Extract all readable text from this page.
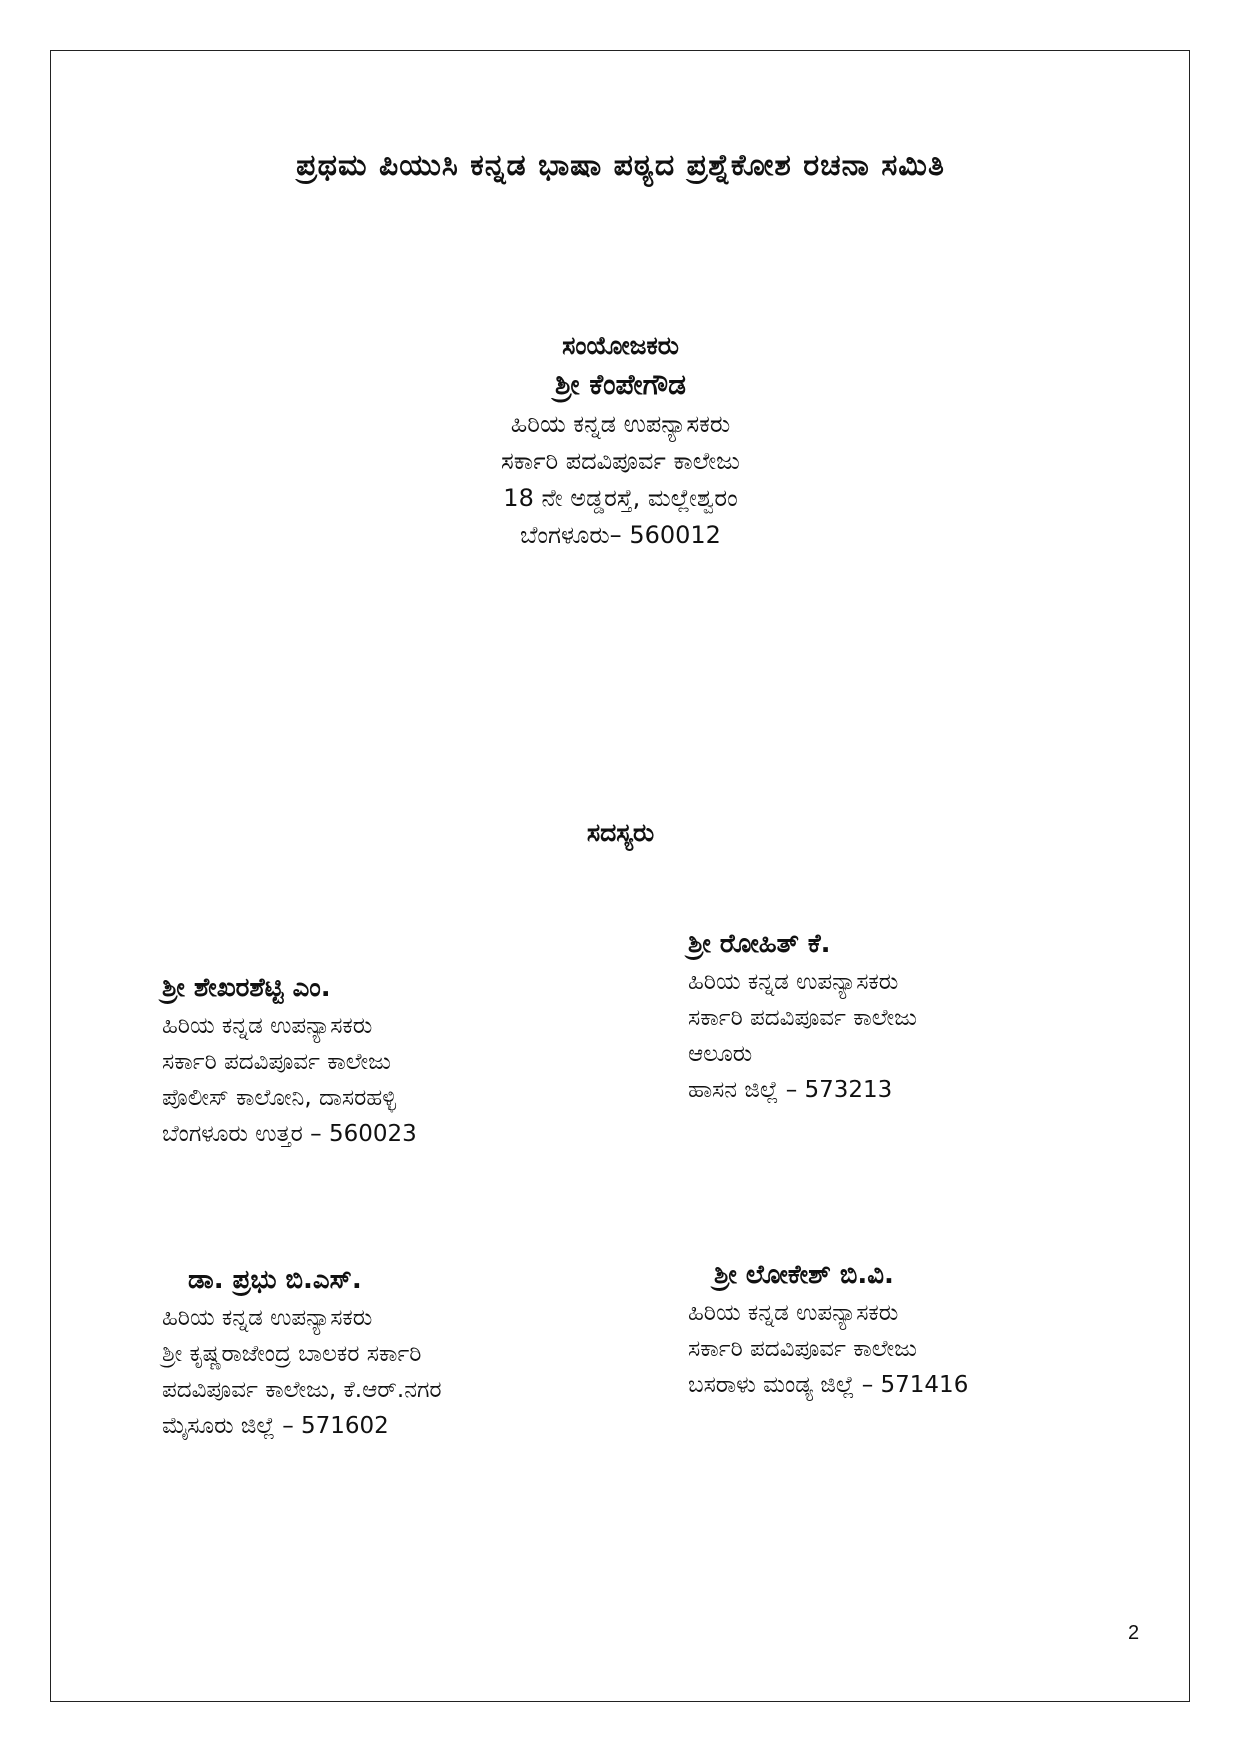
ಪ್ರಥಮ ಪಿಯುಸಿ ಕನ್ನಡ ಭಾಷಾ ಪಠ್ಯದ ಪ್ರಶ್ನೆಕೋಶ ರಚನಾ ಸಮಿತಿ
ಸಂಯೋಜಕರು
ಶ್ರೀ ಕೆಂಪೇಗೌಡ
ಹಿರಿಯ ಕನ್ನಡ ಉಪನ್ಯಾಸಕರು
ಸರ್ಕಾರಿ ಪದವಿಪೂರ್ವ ಕಾಲೇಜು
18 ನೇ ಅಡ್ಡರಸ್ತೆ, ಮಲ್ಲೇಶ್ವರಂ
ಬೆಂಗಳೂರು– 560012
ಸದಸ್ಯರು
ಶ್ರೀ ಶೇಖರಶೆಟ್ಟಿ ಎಂ.
ಹಿರಿಯ ಕನ್ನಡ ಉಪನ್ಯಾಸಕರು
ಸರ್ಕಾರಿ ಪದವಿಪೂರ್ವ ಕಾಲೇಜು
ಪೊಲೀಸ್ ಕಾಲೋನಿ, ದಾಸರಹಳ್ಳಿ
ಬೆಂಗಳೂರು ಉತ್ತರ – 560023
ಶ್ರೀ ರೋಹಿತ್ ಕೆ.
ಹಿರಿಯ ಕನ್ನಡ ಉಪನ್ಯಾಸಕರು
ಸರ್ಕಾರಿ ಪದವಿಪೂರ್ವ ಕಾಲೇಜು
ಆಲೂರು
ಹಾಸನ ಜಿಲ್ಲೆ – 573213
ಡಾ. ಪ್ರಭು ಬಿ.ಎಸ್.
ಹಿರಿಯ ಕನ್ನಡ ಉಪನ್ಯಾಸಕರು
ಶ್ರೀ ಕೃಷ್ಣರಾಜೇಂದ್ರ ಬಾಲಕರ ಸರ್ಕಾರಿ
ಪದವಿಪೂರ್ವ ಕಾಲೇಜು, ಕೆ.ಆರ್.ನಗರ
ಮೈಸೂರು ಜಿಲ್ಲೆ – 571602
ಶ್ರೀ ಲೋಕೇಶ್ ಬಿ.ವಿ.
ಹಿರಿಯ ಕನ್ನಡ ಉಪನ್ಯಾಸಕರು
ಸರ್ಕಾರಿ ಪದವಿಪೂರ್ವ ಕಾಲೇಜು
ಬಸರಾಳು ಮಂಡ್ಯ ಜಿಲ್ಲೆ – 571416
2
